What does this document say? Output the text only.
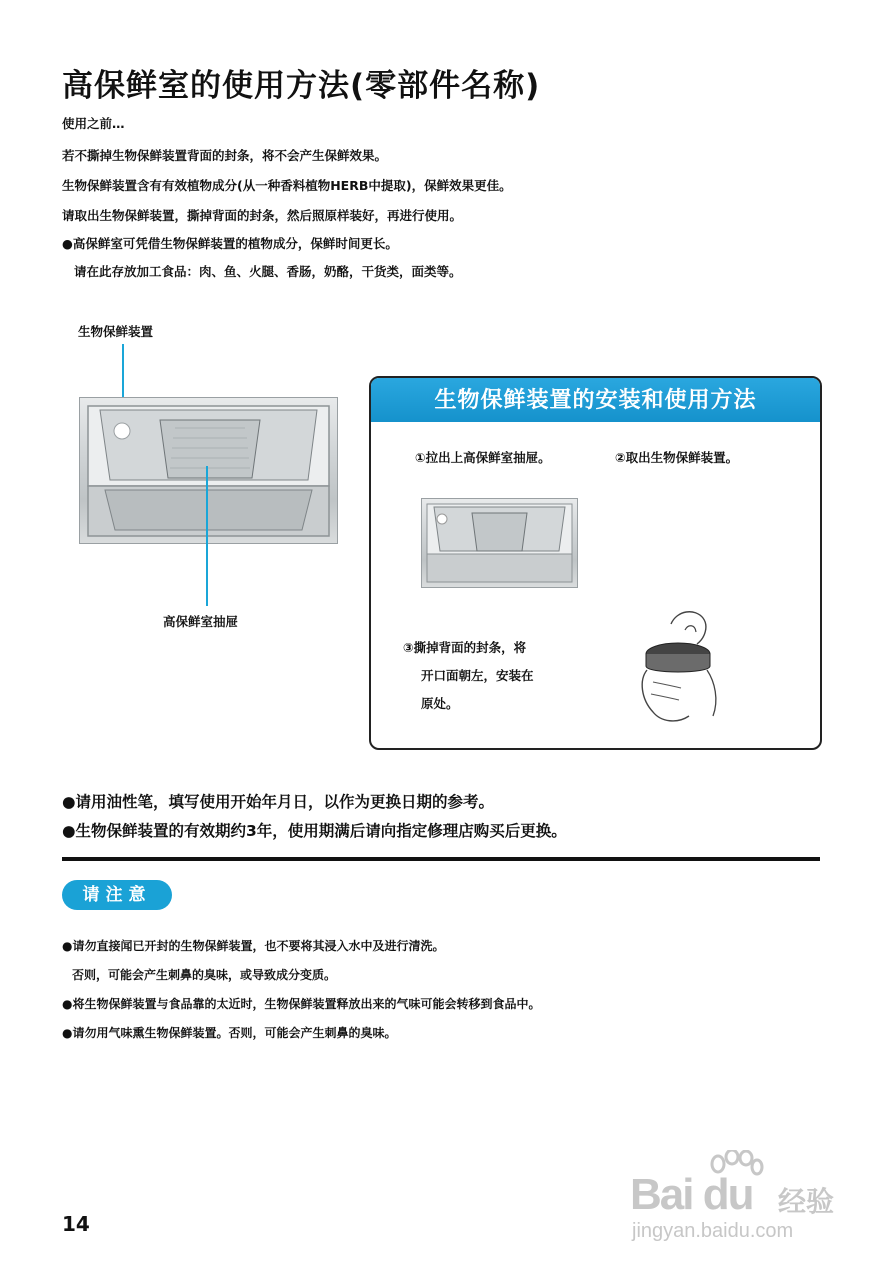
高保鲜室的使用方法(零部件名称)
使用之前…
若不撕掉生物保鲜装置背面的封条，将不会产生保鲜效果。
生物保鲜装置含有有效植物成分(从一种香料植物HERB中提取)，保鲜效果更佳。
请取出生物保鲜装置，撕掉背面的封条，然后照原样装好，再进行使用。
●高保鲜室可凭借生物保鲜装置的植物成分，保鲜时间更长。
请在此存放加工食品：肉、鱼、火腿、香肠，奶酪，干货类，面类等。
生物保鲜装置
高保鲜室抽屉
生物保鲜装置的安装和使用方法
①拉出上高保鲜室抽屉。	②取出生物保鲜装置。
③撕掉背面的封条，将
开口面朝左，安装在
原处。
●请用油性笔，填写使用开始年月日，以作为更换日期的参考。
●生物保鲜装置的有效期约3年，使用期满后请向指定修理店购买后更换。
请注意
●请勿直接闻已开封的生物保鲜装置，也不要将其浸入水中及进行清洗。
否则，可能会产生刺鼻的臭味，或导致成分变质。
●将生物保鲜装置与食品靠的太近时，生物保鲜装置释放出来的气味可能会转移到食品中。
●请勿用气味熏生物保鲜装置。否则，可能会产生刺鼻的臭味。
14
Bai du 经验
jingyan.baidu.com
